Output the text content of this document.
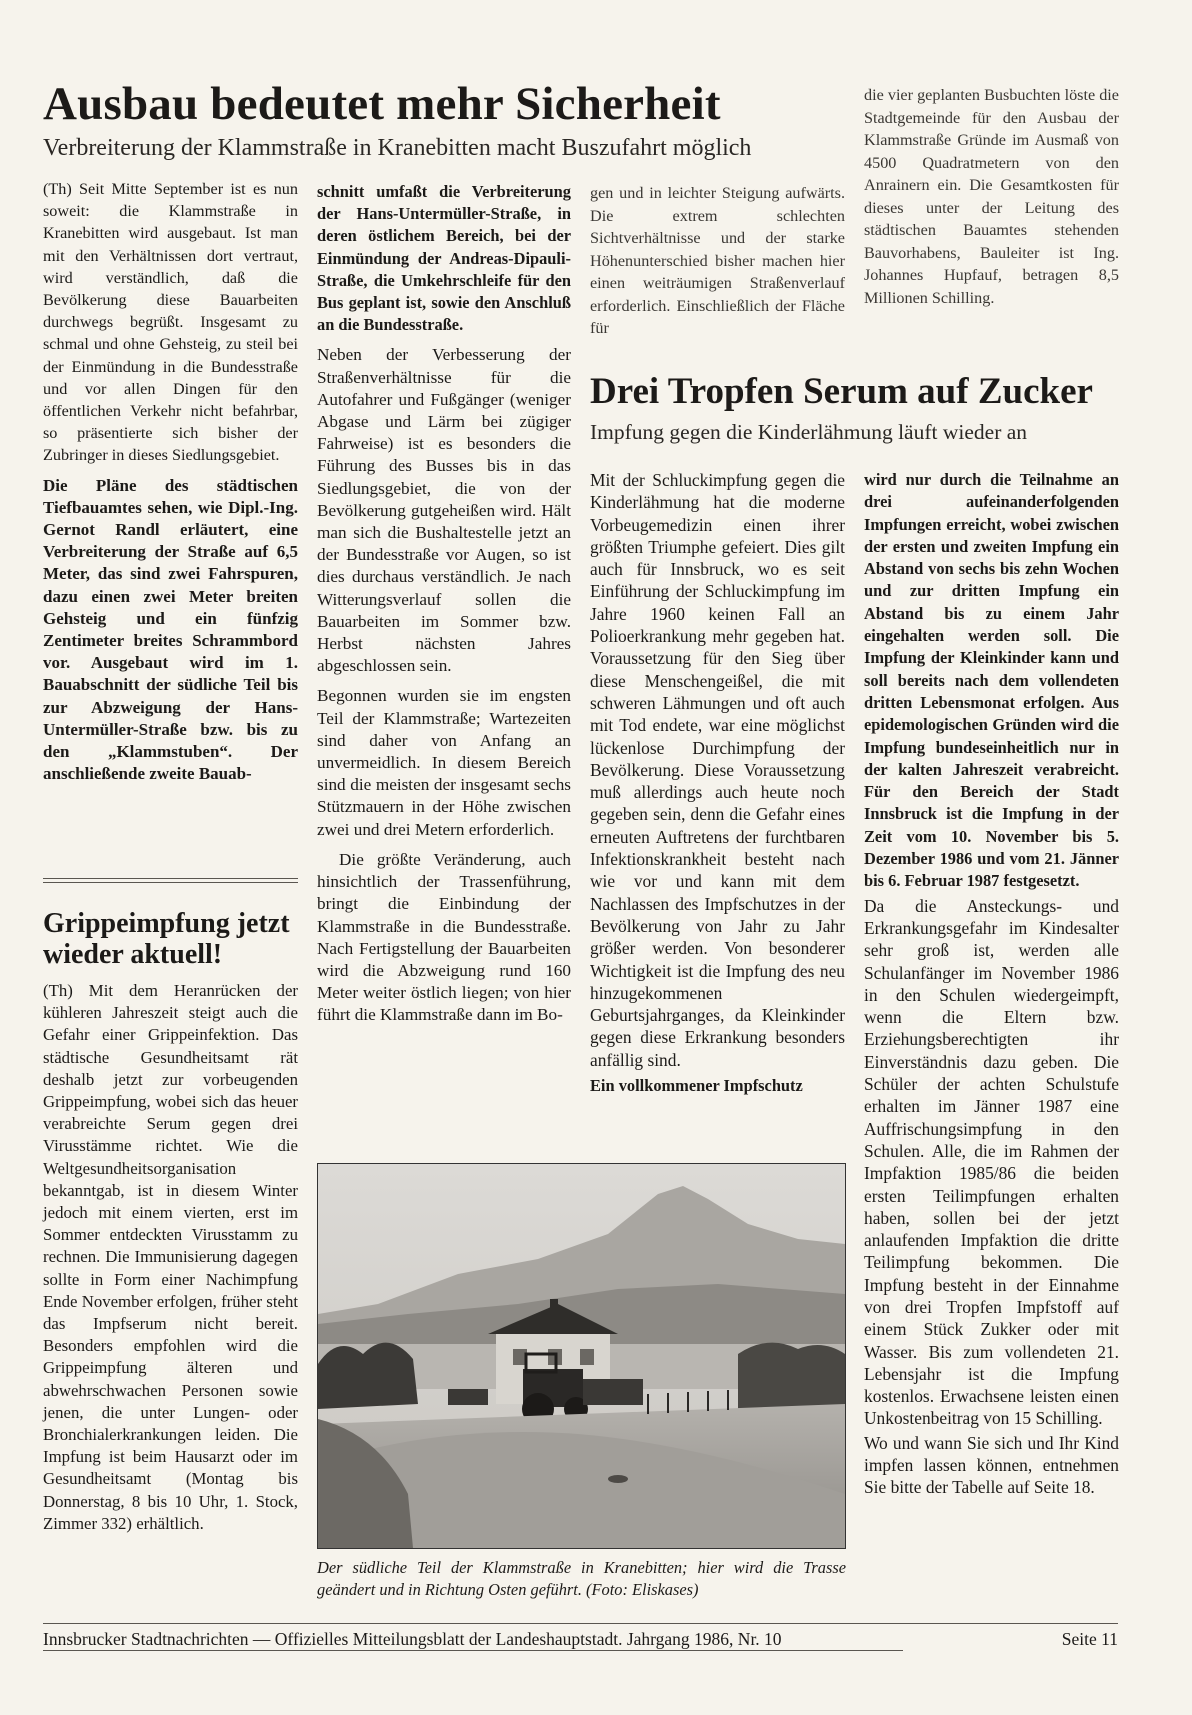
Ausbau bedeutet mehr Sicherheit
Verbreiterung der Klammstraße in Kranebitten macht Buszufahrt möglich

(Th) Seit Mitte September ist es nun soweit: die Klammstraße in Kranebitten wird ausgebaut. Ist man mit den Verhältnissen dort vertraut, wird verständlich, daß die Bevölkerung diese Bauarbeiten durchwegs begrüßt. Insgesamt zu schmal und ohne Gehsteig, zu steil bei der Einmündung in die Bundesstraße und vor allen Dingen für den öffentlichen Verkehr nicht befahrbar, so präsentierte sich bisher der Zubringer in dieses Siedlungsgebiet.

Die Pläne des städtischen Tiefbauamtes sehen, wie Dipl.-Ing. Gernot Randl erläutert, eine Verbreiterung der Straße auf 6,5 Meter, das sind zwei Fahrspuren, dazu einen zwei Meter breiten Gehsteig und ein fünfzig Zentimeter breites Schrammbord vor. Ausgebaut wird im 1. Bauabschnitt der südliche Teil bis zur Abzweigung der Hans-Untermüller-Straße bzw. bis zu den „Klammstuben“. Der anschließende zweite Bauab-

Grippeimpfung jetzt wieder aktuell!
(Th) Mit dem Heranrücken der kühleren Jahreszeit steigt auch die Gefahr einer Grippeinfektion. Das städtische Gesundheitsamt rät deshalb jetzt zur vorbeugenden Grippeimpfung, wobei sich das heuer verabreichte Serum gegen drei Virusstämme richtet. Wie die Weltgesundheitsorganisation bekanntgab, ist in diesem Winter jedoch mit einem vierten, erst im Sommer entdeckten Virusstamm zu rechnen. Die Immunisierung dagegen sollte in Form einer Nachimpfung Ende November erfolgen, früher steht das Impfserum nicht bereit. Besonders empfohlen wird die Grippeimpfung älteren und abwehrschwachen Personen sowie jenen, die unter Lungen- oder Bronchialerkrankungen leiden. Die Impfung ist beim Hausarzt oder im Gesundheitsamt (Montag bis Donnerstag, 8 bis 10 Uhr, 1. Stock, Zimmer 332) erhältlich.

schnitt umfaßt die Verbreiterung der Hans-Untermüller-Straße, in deren östlichem Bereich, bei der Einmündung der Andreas-Dipauli-Straße, die Umkehrschleife für den Bus geplant ist, sowie den Anschluß an die Bundesstraße.

Neben der Verbesserung der Straßenverhältnisse für die Autofahrer und Fußgänger (weniger Abgase und Lärm bei zügiger Fahrweise) ist es besonders die Führung des Busses bis in das Siedlungsgebiet, die von der Bevölkerung gutgeheißen wird. Hält man sich die Bushaltestelle jetzt an der Bundesstraße vor Augen, so ist dies durchaus verständlich. Je nach Witterungsverlauf sollen die Bauarbeiten im Sommer bzw. Herbst nächsten Jahres abgeschlossen sein.

Begonnen wurden sie im engsten Teil der Klammstraße; Wartezeiten sind daher von Anfang an unvermeidlich. In diesem Bereich sind die meisten der insgesamt sechs Stützmauern in der Höhe zwischen zwei und drei Metern erforderlich.

Die größte Veränderung, auch hinsichtlich der Trassenführung, bringt die Einbindung der Klammstraße in die Bundesstraße. Nach Fertigstellung der Bauarbeiten wird die Abzweigung rund 160 Meter weiter östlich liegen; von hier führt die Klammstraße dann im Bo-

gen und in leichter Steigung aufwärts. Die extrem schlechten Sichtverhältnisse und der starke Höhenunterschied bisher machen hier einen weiträumigen Straßenverlauf erforderlich. Einschließlich der Fläche für
die vier geplanten Busbuchten löste die Stadtgemeinde für den Ausbau der Klammstraße Gründe im Ausmaß von 4500 Quadratmetern von den Anrainern ein. Die Gesamtkosten für dieses unter der Leitung des städtischen Bauamtes stehenden Bauvorhabens, Bauleiter ist Ing. Johannes Hupfauf, betragen 8,5 Millionen Schilling.
Drei Tropfen Serum auf Zucker
Impfung gegen die Kinderlähmung läuft wieder an

Mit der Schluckimpfung gegen die Kinderlähmung hat die moderne Vorbeugemedizin einen ihrer größten Triumphe gefeiert. Dies gilt auch für Innsbruck, wo es seit Einführung der Schluckimpfung im Jahre 1960 keinen Fall an Polioerkrankung mehr gegeben hat. Voraussetzung für den Sieg über diese Menschengeißel, die mit schweren Lähmungen und oft auch mit Tod endete, war eine möglichst lückenlose Durchimpfung der Bevölkerung. Diese Voraussetzung muß allerdings auch heute noch gegeben sein, denn die Gefahr eines erneuten Auftretens der furchtbaren Infektionskrankheit besteht nach wie vor und kann mit dem Nachlassen des Impfschutzes in der Bevölkerung von Jahr zu Jahr größer werden. Von besonderer Wichtigkeit ist die Impfung des neu hinzugekommenen Geburtsjahrganges, da Kleinkinder gegen diese Erkrankung besonders anfällig sind.

Ein vollkommener Impfschutz

wird nur durch die Teilnahme an drei aufeinanderfolgenden Impfungen erreicht, wobei zwischen der ersten und zweiten Impfung ein Abstand von sechs bis zehn Wochen und zur dritten Impfung ein Abstand bis zu einem Jahr eingehalten werden soll. Die Impfung der Kleinkinder kann und soll bereits nach dem vollendeten dritten Lebensmonat erfolgen. Aus epidemologischen Gründen wird die Impfung bundeseinheitlich nur in der kalten Jahreszeit verabreicht. Für den Bereich der Stadt Innsbruck ist die Impfung in der Zeit vom 10. November bis 5. Dezember 1986 und vom 21. Jänner bis 6. Februar 1987 festgesetzt.

Da die Ansteckungs- und Erkrankungsgefahr im Kindesalter sehr groß ist, werden alle Schulanfänger im November 1986 in den Schulen wiedergeimpft, wenn die Eltern bzw. Erziehungsberechtigten ihr Einverständnis dazu geben. Die Schüler der achten Schulstufe erhalten im Jänner 1987 eine Auffrischungsimpfung in den Schulen. Alle, die im Rahmen der Impfaktion 1985/86 die beiden ersten Teilimpfungen erhalten haben, sollen bei der jetzt anlaufenden Impfaktion die dritte Teilimpfung bekommen. Die Impfung besteht in der Einnahme von drei Tropfen Impfstoff auf einem Stück Zukker oder mit Wasser. Bis zum vollendeten 21. Lebensjahr ist die Impfung kostenlos. Erwachsene leisten einen Unkostenbeitrag von 15 Schilling.

Wo und wann Sie sich und Ihr Kind impfen lassen können, entnehmen Sie bitte der Tabelle auf Seite 18.

Der südliche Teil der Klammstraße in Kranebitten; hier wird die Trasse geändert und in Richtung Osten geführt. (Foto: Eliskases)
Innsbrucker Stadtnachrichten — Offizielles Mitteilungsblatt der Landeshauptstadt. Jahrgang 1986, Nr. 10	Seite 11
